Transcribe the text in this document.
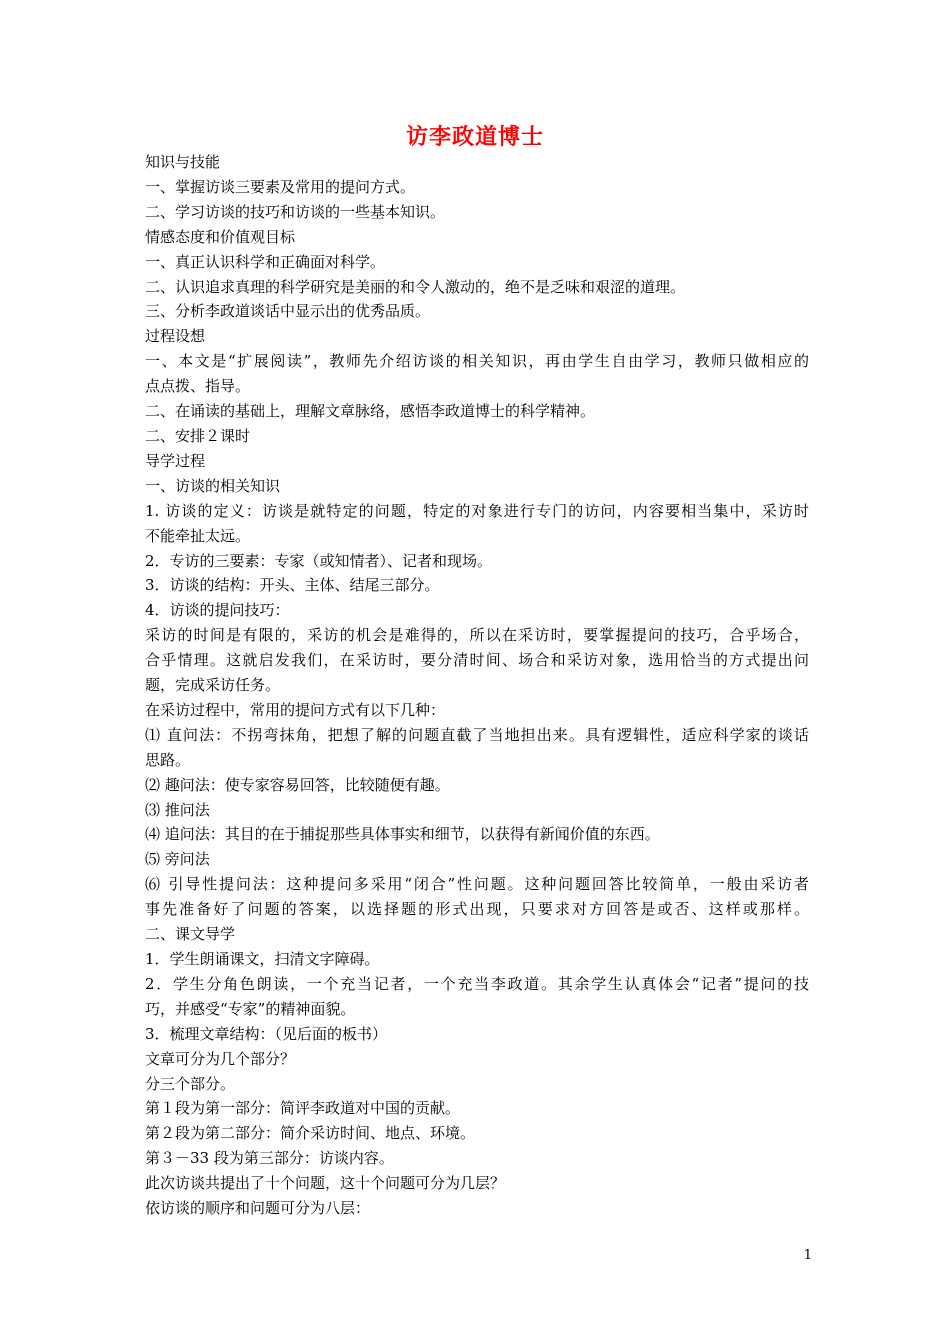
访李政道博士
知识与技能
一、掌握访谈三要素及常用的提问方式。
二、学习访谈的技巧和访谈的一些基本知识。
情感态度和价值观目标
一、真正认识科学和正确面对科学。
二、认识追求真理的科学研究是美丽的和令人激动的，绝不是乏味和艰涩的道理。
三、分析李政道谈话中显示出的优秀品质。
过程设想
一、本文是“扩展阅读”，教师先介绍访谈的相关知识，再由学生自由学习，教师只做相应的
点点拨、指导。
二、在诵读的基础上，理解文章脉络，感悟李政道博士的科学精神。
二、安排２课时
导学过程
一、访谈的相关知识
1. 访谈的定义：访谈是就特定的问题，特定的对象进行专门的访问，内容要相当集中，采访时
不能牵扯太远。
2．专访的三要素：专家（或知情者）、记者和现场。
3．访谈的结构：开头、主体、结尾三部分。
4．访谈的提问技巧：
采访的时间是有限的，采访的机会是难得的，所以在采访时，要掌握提问的技巧，合乎场合，
合乎情理。这就启发我们，在采访时，要分清时间、场合和采访对象，选用恰当的方式提出问
题，完成采访任务。
在采访过程中，常用的提问方式有以下几种：
⑴ 直问法：不拐弯抹角，把想了解的问题直截了当地担出来。具有逻辑性，适应科学家的谈话
思路。
⑵ 趣问法：使专家容易回答，比较随便有趣。
⑶ 推问法
⑷ 追问法：其目的在于捕捉那些具体事实和细节，以获得有新闻价值的东西。
⑸ 旁问法
⑹ 引导性提问法：这种提问多采用“闭合”性问题。这种问题回答比较简单，一般由采访者
事先准备好了问题的答案，以选择题的形式出现，只要求对方回答是或否、这样或那样。
二、课文导学
1．学生朗诵课文，扫清文字障碍。
2．学生分角色朗读，一个充当记者，一个充当李政道。其余学生认真体会“记者”提问的技
巧，并感受“专家”的精神面貌。
3．梳理文章结构：（见后面的板书）
文章可分为几个部分？
分三个部分。
第１段为第一部分：简评李政道对中国的贡献。
第２段为第二部分：简介采访时间、地点、环境。
第３－33 段为第三部分：访谈内容。
此次访谈共提出了十个问题，这十个问题可分为几层？
依访谈的顺序和问题可分为八层：
1
